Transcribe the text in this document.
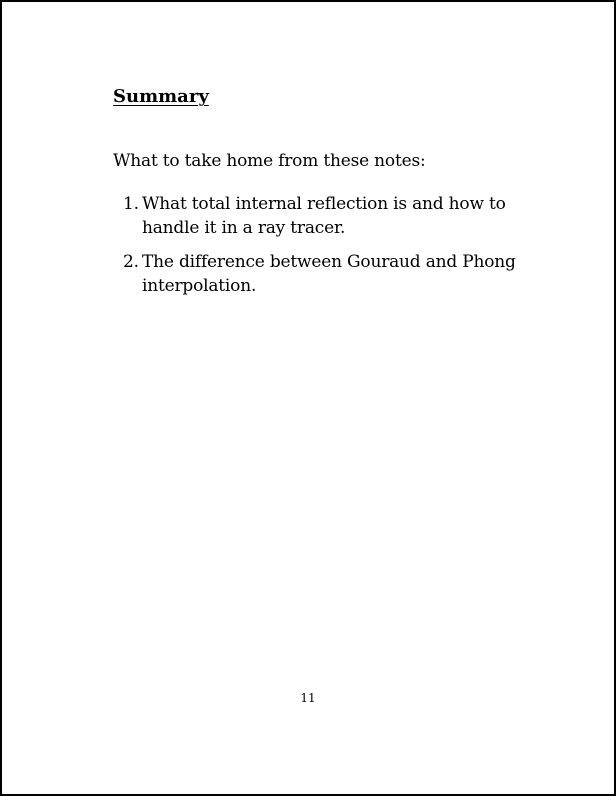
Summary
What to take home from these notes:
1. What total internal reflection is and how to handle it in a ray tracer.
2. The difference between Gouraud and Phong interpolation.
11
